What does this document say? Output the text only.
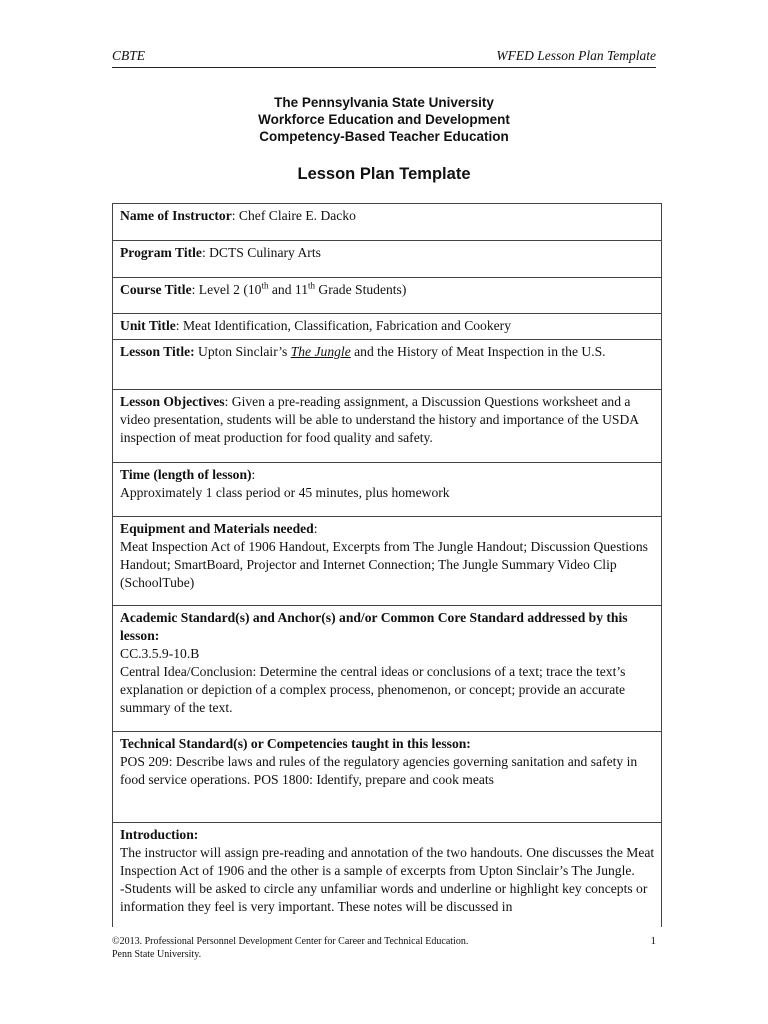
CBTE	WFED Lesson Plan Template
The Pennsylvania State University
Workforce Education and Development
Competency-Based Teacher Education
Lesson Plan Template
Name of Instructor: Chef Claire E. Dacko
Program Title: DCTS Culinary Arts
Course Title: Level 2 (10th and 11th Grade Students)
Unit Title: Meat Identification, Classification, Fabrication and Cookery
Lesson Title: Upton Sinclair’s The Jungle and the History of Meat Inspection in the U.S.
Lesson Objectives: Given a pre-reading assignment, a Discussion Questions worksheet and a video presentation, students will be able to understand the history and importance of the USDA inspection of meat production for food quality and safety.
Time (length of lesson):
Approximately 1 class period or 45 minutes, plus homework
Equipment and Materials needed:
Meat Inspection Act of 1906 Handout, Excerpts from The Jungle Handout; Discussion Questions Handout; SmartBoard, Projector and Internet Connection; The Jungle Summary Video Clip (SchoolTube)
Academic Standard(s) and Anchor(s) and/or Common Core Standard addressed by this lesson:
CC.3.5.9-10.B
Central Idea/Conclusion: Determine the central ideas or conclusions of a text; trace the text’s explanation or depiction of a complex process, phenomenon, or concept; provide an accurate summary of the text.
Technical Standard(s) or Competencies taught in this lesson:
POS 209: Describe laws and rules of the regulatory agencies governing sanitation and safety in food service operations. POS 1800: Identify, prepare and cook meats
Introduction:
The instructor will assign pre-reading and annotation of the two handouts. One discusses the Meat Inspection Act of 1906 and the other is a sample of excerpts from Upton Sinclair’s The Jungle.
-Students will be asked to circle any unfamiliar words and underline or highlight key concepts or information they feel is very important. These notes will be discussed in
©2013. Professional Personnel Development Center for Career and Technical Education.
Penn State University.
1
